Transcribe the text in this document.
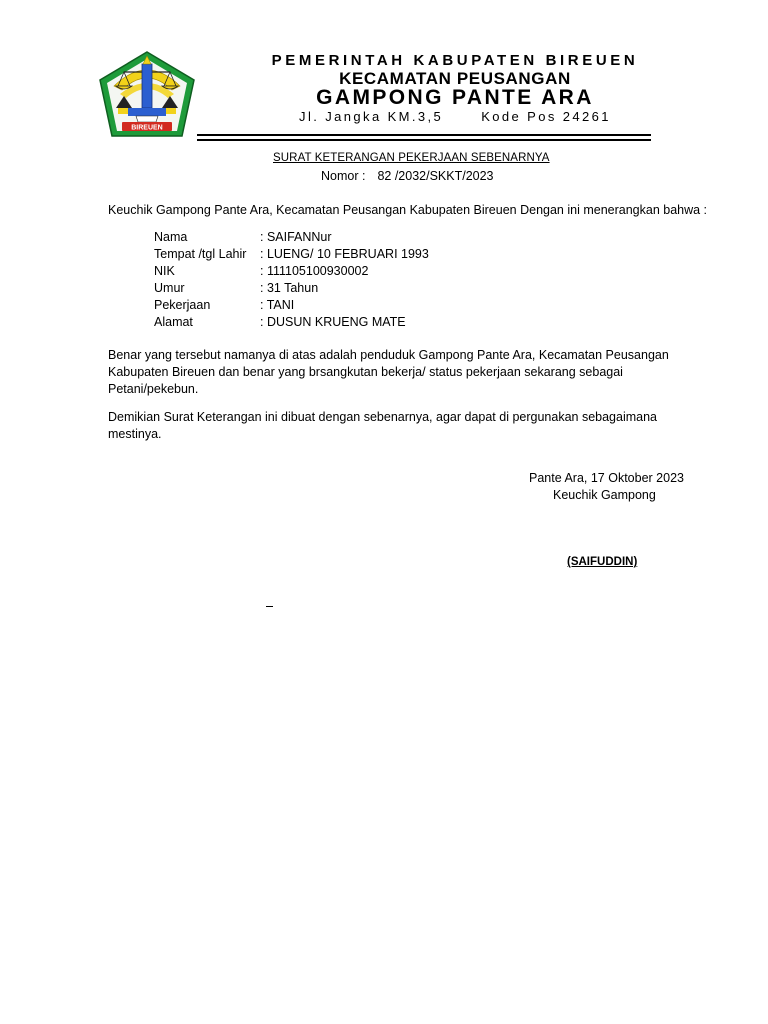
BIREUEN
PEMERINTAH KABUPATEN BIREUEN
KECAMATAN PEUSANGAN
GAMPONG PANTE ARA
Jl. Jangka KM.3,5	Kode Pos 24261
SURAT KETERANGAN PEKERJAAN SEBENARNYA
Nomor : 82 /2032/SKKT/2023
Keuchik Gampong Pante Ara, Kecamatan Peusangan Kabupaten Bireuen Dengan ini menerangkan bahwa :
Nama	: SAIFANNur
Tempat /tgl Lahir : LUENG/ 10 FEBRUARI 1993
NIK	: 111105100930002
Umur	: 31 Tahun
Pekerjaan	: TANI
Alamat	: DUSUN KRUENG MATE
Benar yang tersebut namanya di atas adalah penduduk Gampong Pante Ara, Kecamatan Peusangan Kabupaten Bireuen dan benar yang brsangkutan bekerja/ status pekerjaan sekarang sebagai Petani/pekebun.
Demikian Surat Keterangan ini dibuat dengan sebenarnya, agar dapat di pergunakan sebagaimana mestinya.
Pante Ara, 17 Oktober 2023
Keuchik Gampong
(SAIFUDDIN)
